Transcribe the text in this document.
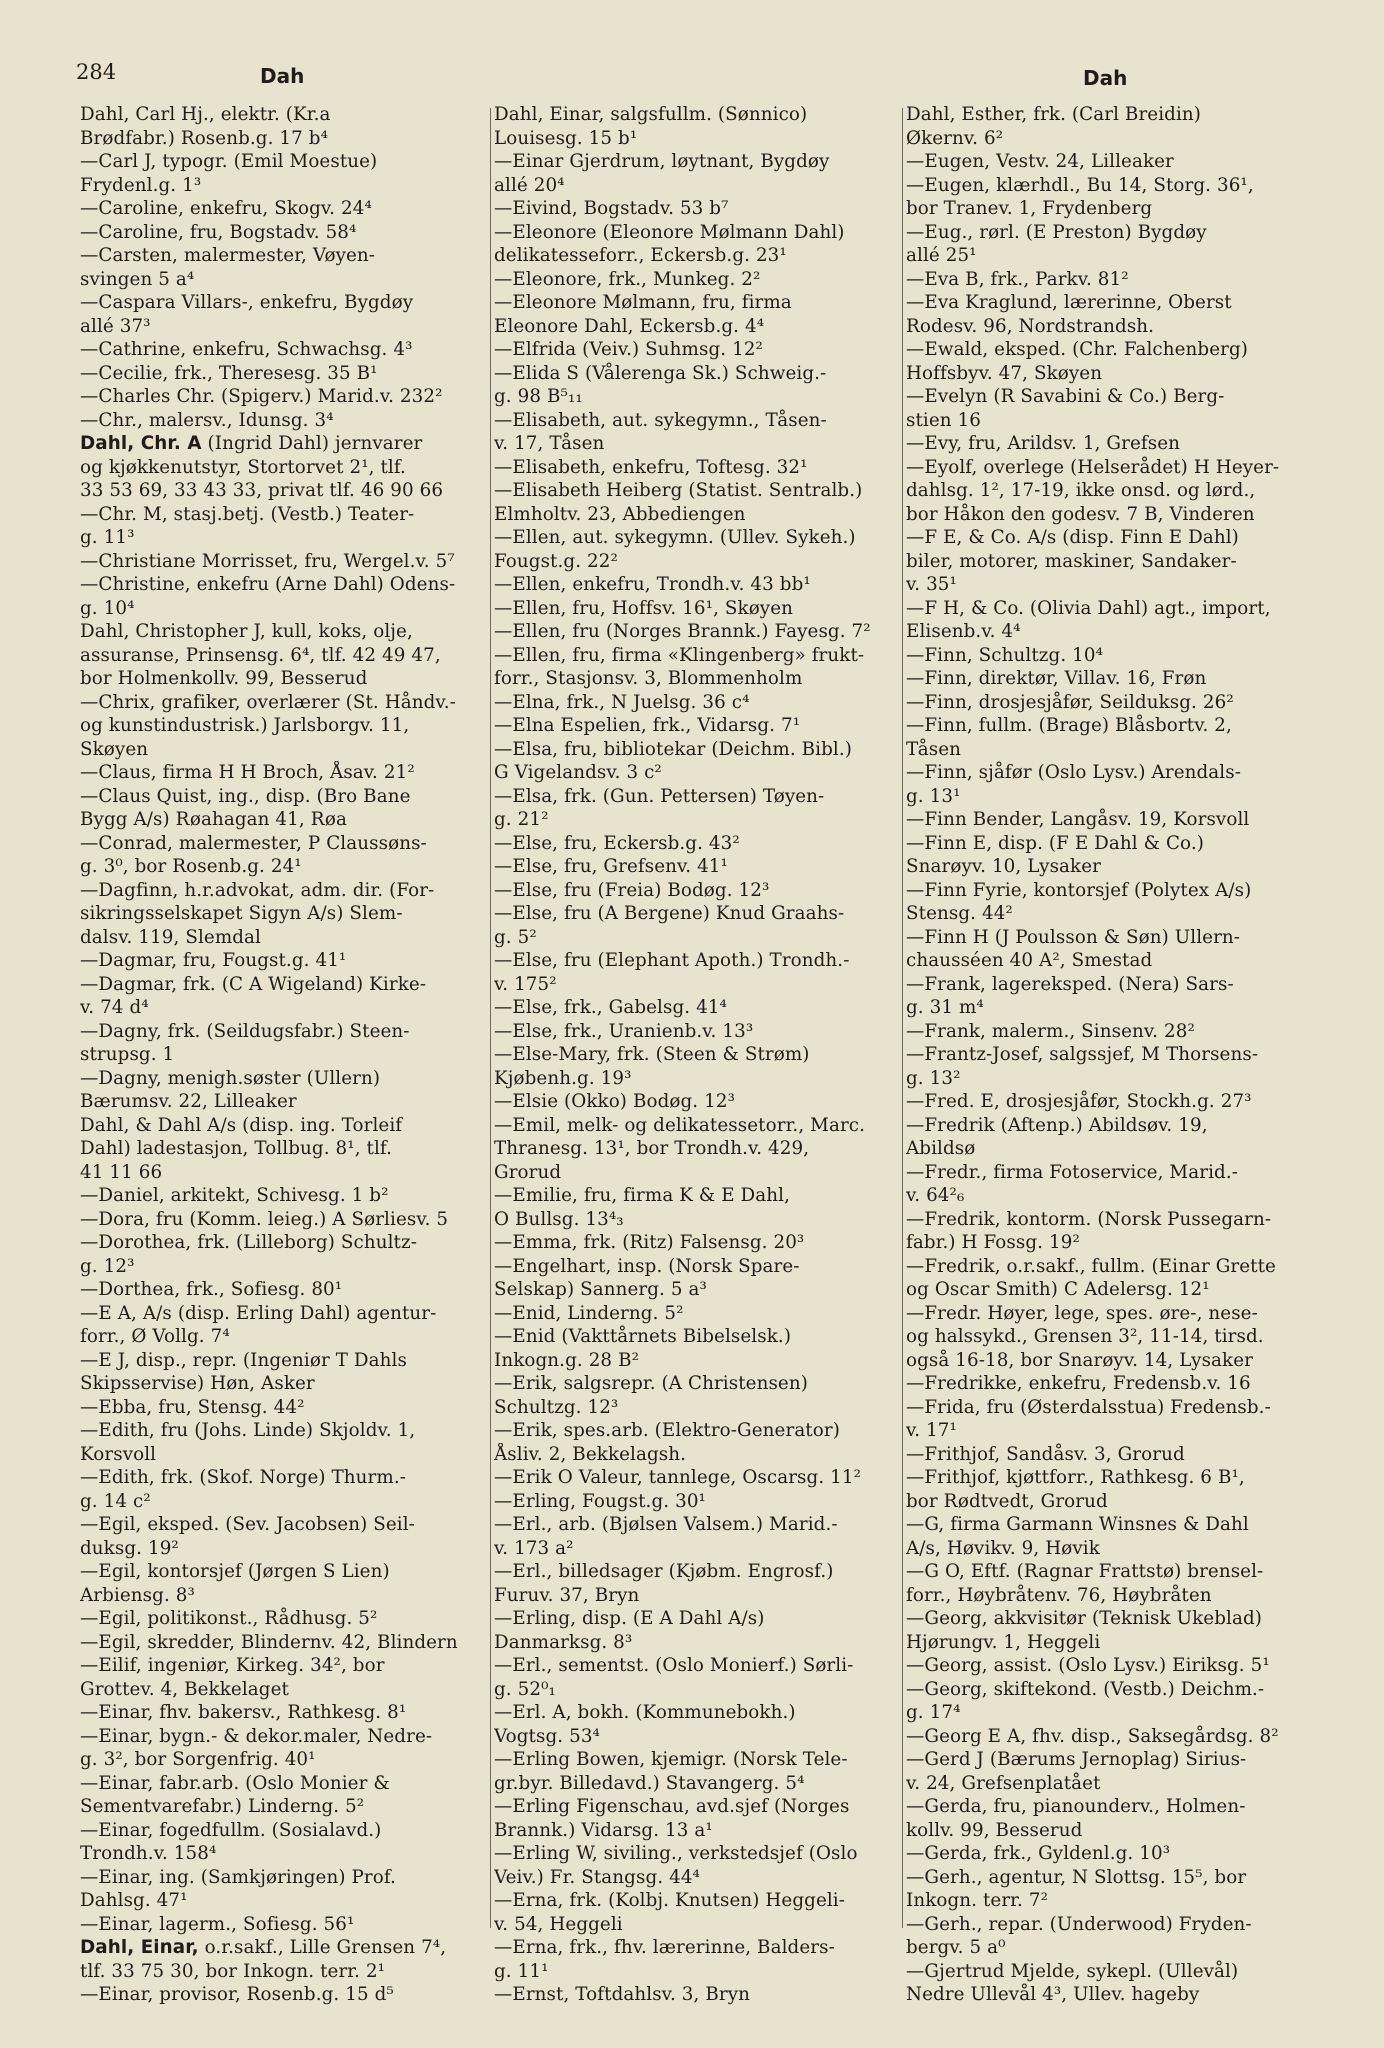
284	Dah	Dah
Dahl, Carl Hj., elektr. (Kr.a
Brødfabr.) Rosenb.g. 17 b⁴
—Carl J, typogr. (Emil Moestue)
Frydenl.g. 1³
—Caroline, enkefru, Skogv. 24⁴
—Caroline, fru, Bogstadv. 58⁴
—Carsten, malermester, Vøyen-
svingen 5 a⁴
—Caspara Villars-, enkefru, Bygdøy
allé 37³
—Cathrine, enkefru, Schwachsg. 4³
—Cecilie, frk., Theresesg. 35 B¹
—Charles Chr. (Spigerv.) Marid.v. 232²
—Chr., malersv., Idunsg. 3⁴
Dahl, Chr. A (Ingrid Dahl) jernvarer
og kjøkkenutstyr, Stortorvet 2¹, tlf.
33 53 69, 33 43 33, privat tlf. 46 90 66
—Chr. M, stasj.betj. (Vestb.) Teater-
g. 11³
—Christiane Morrisset, fru, Wergel.v. 5⁷
—Christine, enkefru (Arne Dahl) Odens-
g. 10⁴
Dahl, Christopher J, kull, koks, olje,
assuranse, Prinsensg. 6⁴, tlf. 42 49 47,
bor Holmenkollv. 99, Besserud
—Chrix, grafiker, overlærer (St. Håndv.-
og kunstindustrisk.) Jarlsborgv. 11,
Skøyen
—Claus, firma H H Broch, Åsav. 21²
—Claus Quist, ing., disp. (Bro Bane
Bygg A/s) Røahagan 41, Røa
—Conrad, malermester, P Claussøns-
g. 3⁰, bor Rosenb.g. 24¹
—Dagfinn, h.r.advokat, adm. dir. (For-
sikringsselskapet Sigyn A/s) Slem-
dalsv. 119, Slemdal
—Dagmar, fru, Fougst.g. 41¹
—Dagmar, frk. (C A Wigeland) Kirke-
v. 74 d⁴
—Dagny, frk. (Seildugsfabr.) Steen-
strupsg. 1
—Dagny, menigh.søster (Ullern)
Bærumsv. 22, Lilleaker
Dahl, & Dahl A/s (disp. ing. Torleif
Dahl) ladestasjon, Tollbug. 8¹, tlf.
41 11 66
—Daniel, arkitekt, Schivesg. 1 b²
—Dora, fru (Komm. leieg.) A Sørliesv. 5
—Dorothea, frk. (Lilleborg) Schultz-
g. 12³
—Dorthea, frk., Sofiesg. 80¹
—E A, A/s (disp. Erling Dahl) agentur-
forr., Ø Vollg. 7⁴
—E J, disp., repr. (Ingeniør T Dahls
Skipsservise) Høn, Asker
—Ebba, fru, Stensg. 44²
—Edith, fru (Johs. Linde) Skjoldv. 1,
Korsvoll
—Edith, frk. (Skof. Norge) Thurm.-
g. 14 c²
—Egil, eksped. (Sev. Jacobsen) Seil-
duksg. 19²
—Egil, kontorsjef (Jørgen S Lien)
Arbiensg. 8³
—Egil, politikonst., Rådhusg. 5²
—Egil, skredder, Blindernv. 42, Blindern
—Eilif, ingeniør, Kirkeg. 34², bor
Grottev. 4, Bekkelaget
—Einar, fhv. bakersv., Rathkesg. 8¹
—Einar, bygn.- & dekor.maler, Nedre-
g. 3², bor Sorgenfrig. 40¹
—Einar, fabr.arb. (Oslo Monier &
Sementvarefabr.) Linderng. 5²
—Einar, fogedfullm. (Sosialavd.)
Trondh.v. 158⁴
—Einar, ing. (Samkjøringen) Prof.
Dahlsg. 47¹
—Einar, lagerm., Sofiesg. 56¹
Dahl, Einar, o.r.sakf., Lille Grensen 7⁴,
tlf. 33 75 30, bor Inkogn. terr. 2¹
—Einar, provisor, Rosenb.g. 15 d⁵
Dahl, Einar, salgsfullm. (Sønnico)
Louisesg. 15 b¹
—Einar Gjerdrum, løytnant, Bygdøy
allé 20⁴
—Eivind, Bogstadv. 53 b⁷
—Eleonore (Eleonore Mølmann Dahl)
delikatesseforr., Eckersb.g. 23¹
—Eleonore, frk., Munkeg. 2²
—Eleonore Mølmann, fru, firma
Eleonore Dahl, Eckersb.g. 4⁴
—Elfrida (Veiv.) Suhmsg. 12²
—Elida S (Vålerenga Sk.) Schweig.-
g. 98 B⁵₁₁
—Elisabeth, aut. sykegymn., Tåsen-
v. 17, Tåsen
—Elisabeth, enkefru, Toftesg. 32¹
—Elisabeth Heiberg (Statist. Sentralb.)
Elmholtv. 23, Abbediengen
—Ellen, aut. sykegymn. (Ullev. Sykeh.)
Fougst.g. 22²
—Ellen, enkefru, Trondh.v. 43 bb¹
—Ellen, fru, Hoffsv. 16¹, Skøyen
—Ellen, fru (Norges Brannk.) Fayesg. 7²
—Ellen, fru, firma «Klingenberg» frukt-
forr., Stasjonsv. 3, Blommenholm
—Elna, frk., N Juelsg. 36 c⁴
—Elna Espelien, frk., Vidarsg. 7¹
—Elsa, fru, bibliotekar (Deichm. Bibl.)
G Vigelandsv. 3 c²
—Elsa, frk. (Gun. Pettersen) Tøyen-
g. 21²
—Else, fru, Eckersb.g. 43²
—Else, fru, Grefsenv. 41¹
—Else, fru (Freia) Bodøg. 12³
—Else, fru (A Bergene) Knud Graahs-
g. 5²
—Else, fru (Elephant Apoth.) Trondh.-
v. 175²
—Else, frk., Gabelsg. 41⁴
—Else, frk., Uranienb.v. 13³
—Else-Mary, frk. (Steen & Strøm)
Kjøbenh.g. 19³
—Elsie (Okko) Bodøg. 12³
—Emil, melk- og delikatessetorr., Marc.
Thranesg. 13¹, bor Trondh.v. 429,
Grorud
—Emilie, fru, firma K & E Dahl,
O Bullsg. 13⁴₃
—Emma, frk. (Ritz) Falsensg. 20³
—Engelhart, insp. (Norsk Spare-
Selskap) Sannerg. 5 a³
—Enid, Linderng. 5²
—Enid (Vakttårnets Bibelselsk.)
Inkogn.g. 28 B²
—Erik, salgsrepr. (A Christensen)
Schultzg. 12³
—Erik, spes.arb. (Elektro-Generator)
Åsliv. 2, Bekkelagsh.
—Erik O Valeur, tannlege, Oscarsg. 11²
—Erling, Fougst.g. 30¹
—Erl., arb. (Bjølsen Valsem.) Marid.-
v. 173 a²
—Erl., billedsager (Kjøbm. Engrosf.)
Furuv. 37, Bryn
—Erling, disp. (E A Dahl A/s)
Danmarksg. 8³
—Erl., sementst. (Oslo Monierf.) Sørli-
g. 52⁰₁
—Erl. A, bokh. (Kommunebokh.)
Vogtsg. 53⁴
—Erling Bowen, kjemigr. (Norsk Tele-
gr.byr. Billedavd.) Stavangerg. 5⁴
—Erling Figenschau, avd.sjef (Norges
Brannk.) Vidarsg. 13 a¹
—Erling W, siviling., verkstedsjef (Oslo
Veiv.) Fr. Stangsg. 44⁴
—Erna, frk. (Kolbj. Knutsen) Heggeli-
v. 54, Heggeli
—Erna, frk., fhv. lærerinne, Balders-
g. 11¹
—Ernst, Toftdahlsv. 3, Bryn
Dahl, Esther, frk. (Carl Breidin)
Økernv. 6²
—Eugen, Vestv. 24, Lilleaker
—Eugen, klærhdl., Bu 14, Storg. 36¹,
bor Tranev. 1, Frydenberg
—Eug., rørl. (E Preston) Bygdøy
allé 25¹
—Eva B, frk., Parkv. 81²
—Eva Kraglund, lærerinne, Oberst
Rodesv. 96, Nordstrandsh.
—Ewald, eksped. (Chr. Falchenberg)
Hoffsbyv. 47, Skøyen
—Evelyn (R Savabini & Co.) Berg-
stien 16
—Evy, fru, Arildsv. 1, Grefsen
—Eyolf, overlege (Helserådet) H Heyer-
dahlsg. 1², 17-19, ikke onsd. og lørd.,
bor Håkon den godesv. 7 B, Vinderen
—F E, & Co. A/s (disp. Finn E Dahl)
biler, motorer, maskiner, Sandaker-
v. 35¹
—F H, & Co. (Olivia Dahl) agt., import,
Elisenb.v. 4⁴
—Finn, Schultzg. 10⁴
—Finn, direktør, Villav. 16, Frøn
—Finn, drosjesjåfør, Seilduksg. 26²
—Finn, fullm. (Brage) Blåsbortv. 2,
Tåsen
—Finn, sjåfør (Oslo Lysv.) Arendals-
g. 13¹
—Finn Bender, Langåsv. 19, Korsvoll
—Finn E, disp. (F E Dahl & Co.)
Snarøyv. 10, Lysaker
—Finn Fyrie, kontorsjef (Polytex A/s)
Stensg. 44²
—Finn H (J Poulsson & Søn) Ullern-
chausséen 40 A², Smestad
—Frank, lagereksped. (Nera) Sars-
g. 31 m⁴
—Frank, malerm., Sinsenv. 28²
—Frantz-Josef, salgssjef, M Thorsens-
g. 13²
—Fred. E, drosjesjåfør, Stockh.g. 27³
—Fredrik (Aftenp.) Abildsøv. 19,
Abildsø
—Fredr., firma Fotoservice, Marid.-
v. 64²₆
—Fredrik, kontorm. (Norsk Pussegarn-
fabr.) H Fossg. 19²
—Fredrik, o.r.sakf., fullm. (Einar Grette
og Oscar Smith) C Adelersg. 12¹
—Fredr. Høyer, lege, spes. øre-, nese-
og halssykd., Grensen 3², 11-14, tirsd.
også 16-18, bor Snarøyv. 14, Lysaker
—Fredrikke, enkefru, Fredensb.v. 16
—Frida, fru (Østerdalsstua) Fredensb.-
v. 17¹
—Frithjof, Sandåsv. 3, Grorud
—Frithjof, kjøttforr., Rathkesg. 6 B¹,
bor Rødtvedt, Grorud
—G, firma Garmann Winsnes & Dahl
A/s, Høvikv. 9, Høvik
—G O, Eftf. (Ragnar Frattstø) brensel-
forr., Høybråtenv. 76, Høybråten
—Georg, akkvisitør (Teknisk Ukeblad)
Hjørungv. 1, Heggeli
—Georg, assist. (Oslo Lysv.) Eiriksg. 5¹
—Georg, skiftekond. (Vestb.) Deichm.-
g. 17⁴
—Georg E A, fhv. disp., Saksegårdsg. 8²
—Gerd J (Bærums Jernoplag) Sirius-
v. 24, Grefsenplatået
—Gerda, fru, pianounderv., Holmen-
kollv. 99, Besserud
—Gerda, frk., Gyldenl.g. 10³
—Gerh., agentur, N Slottsg. 15⁵, bor
Inkogn. terr. 7²
—Gerh., repar. (Underwood) Fryden-
bergv. 5 a⁰
—Gjertrud Mjelde, sykepl. (Ullevål)
Nedre Ullevål 4³, Ullev. hageby
